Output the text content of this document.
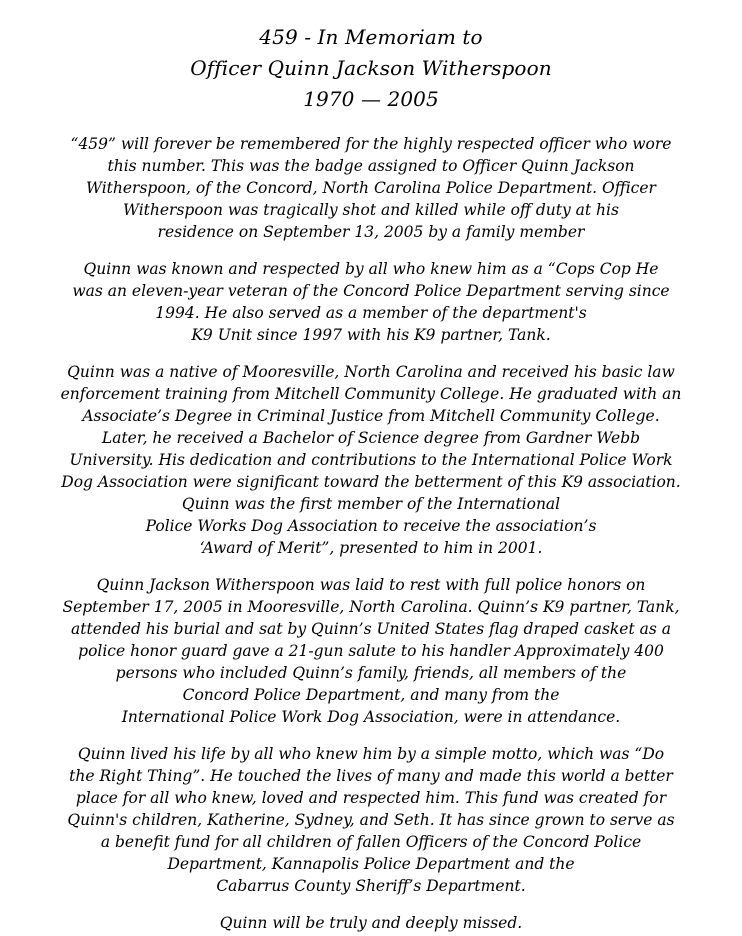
459 - In Memoriam to
Officer Quinn Jackson Witherspoon
1970 — 2005
“459” will forever be remembered for the highly respected officer who wore
this number. This was the badge assigned to Officer Quinn Jackson
Witherspoon, of the Concord, North Carolina Police Department. Officer
Witherspoon was tragically shot and killed while off duty at his
residence on September 13, 2005 by a family member
Quinn was known and respected by all who knew him as a “Cops Cop He
was an eleven-year veteran of the Concord Police Department serving since
1994. He also served as a member of the department's
K9 Unit since 1997 with his K9 partner, Tank.
Quinn was a native of Mooresville, North Carolina and received his basic law
enforcement training from Mitchell Community College. He graduated with an
Associate’s Degree in Criminal Justice from Mitchell Community College.
Later, he received a Bachelor of Science degree from Gardner Webb
University. His dedication and contributions to the International Police Work
Dog Association were significant toward the betterment of this K9 association.
Quinn was the first member of the International
Police Works Dog Association to receive the association’s
‘Award of Merit”, presented to him in 2001.
Quinn Jackson Witherspoon was laid to rest with full police honors on
September 17, 2005 in Mooresville, North Carolina. Quinn’s K9 partner, Tank,
attended his burial and sat by Quinn’s United States flag draped casket as a
police honor guard gave a 21-gun salute to his handler Approximately 400
persons who included Quinn’s family, friends, all members of the
Concord Police Department, and many from the
International Police Work Dog Association, were in attendance.
Quinn lived his life by all who knew him by a simple motto, which was “Do
the Right Thing”. He touched the lives of many and made this world a better
place for all who knew, loved and respected him. This fund was created for
Quinn's children, Katherine, Sydney, and Seth. It has since grown to serve as
a benefit fund for all children of fallen Officers of the Concord Police
Department, Kannapolis Police Department and the
Cabarrus County Sheriff’s Department.
Quinn will be truly and deeply missed.
